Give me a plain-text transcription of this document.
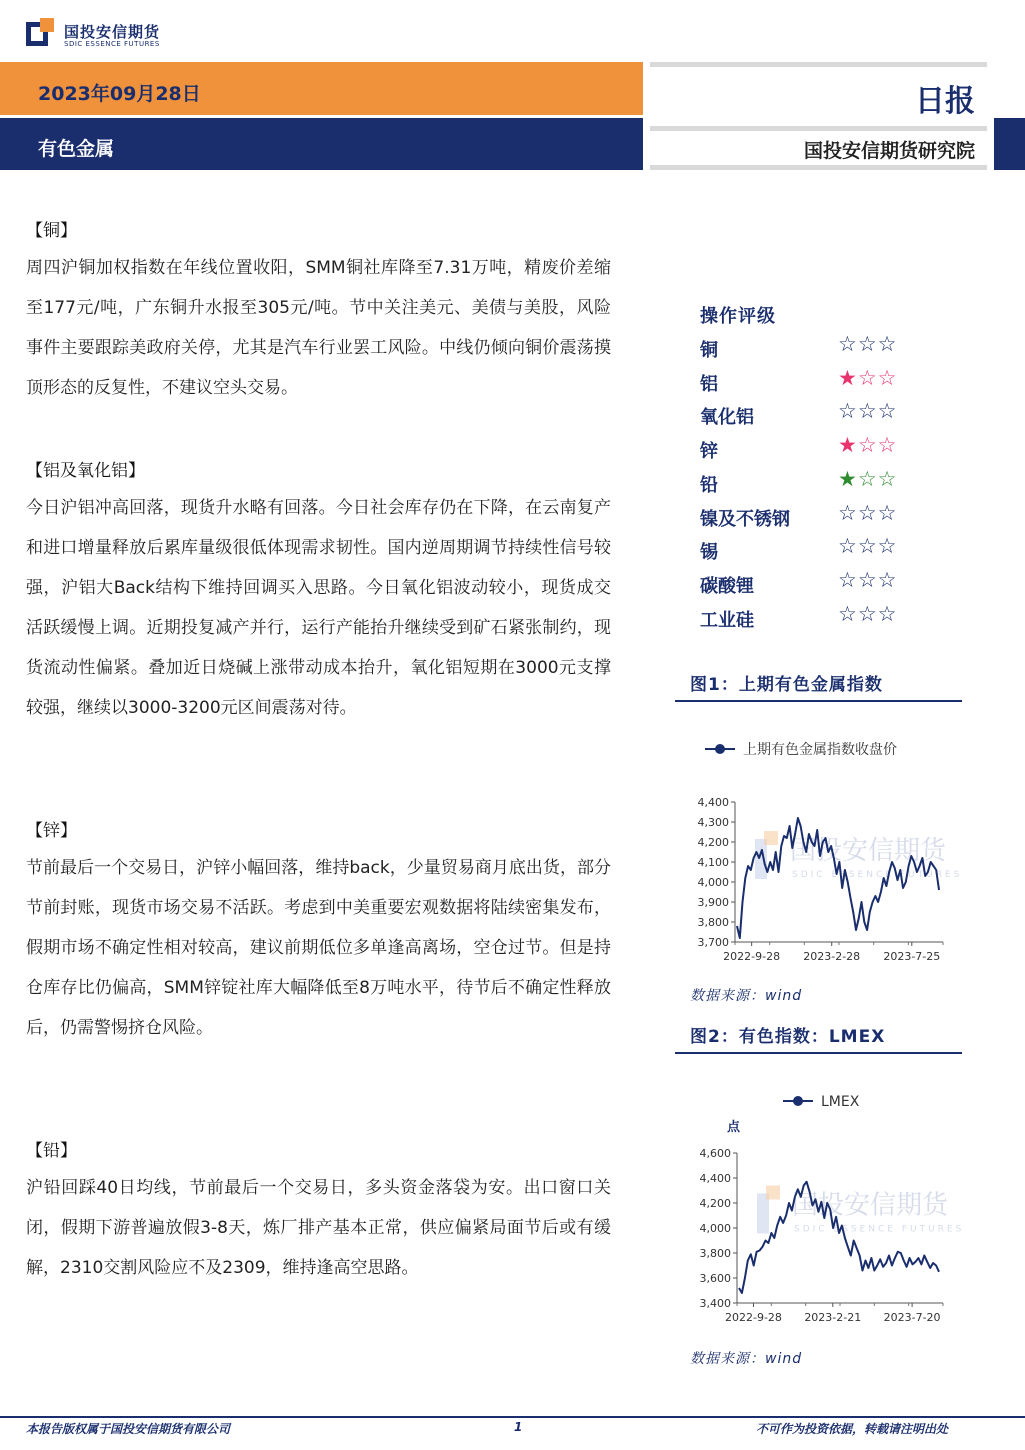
国投安信期货
SDIC ESSENCE FUTURES
2023年09月28日
有色金属
日报
国投安信期货研究院
【铜】
周四沪铜加权指数在年线位置收阳，SMM铜社库降至7.31万吨，精废价差缩至177元/吨，广东铜升水报至305元/吨。节中关注美元、美债与美股，风险事件主要跟踪美政府关停，尤其是汽车行业罢工风险。中线仍倾向铜价震荡摸顶形态的反复性，不建议空头交易。
【铝及氧化铝】
今日沪铝冲高回落，现货升水略有回落。今日社会库存仍在下降，在云南复产和进口增量释放后累库量级很低体现需求韧性。国内逆周期调节持续性信号较强，沪铝大Back结构下维持回调买入思路。今日氧化铝波动较小，现货成交活跃缓慢上调。近期投复减产并行，运行产能抬升继续受到矿石紧张制约，现货流动性偏紧。叠加近日烧碱上涨带动成本抬升，氧化铝短期在3000元支撑较强，继续以3000-3200元区间震荡对待。
【锌】
节前最后一个交易日，沪锌小幅回落，维持back，少量贸易商月底出货，部分节前封账，现货市场交易不活跃。考虑到中美重要宏观数据将陆续密集发布，假期市场不确定性相对较高，建议前期低位多单逢高离场，空仓过节。但是持仓库存比仍偏高，SMM锌锭社库大幅降低至8万吨水平，待节后不确定性释放后，仍需警惕挤仓风险。
【铅】
沪铅回踩40日均线，节前最后一个交易日，多头资金落袋为安。出口窗口关闭，假期下游普遍放假3-8天，炼厂排产基本正常，供应偏紧局面节后或有缓解，2310交割风险应不及2309，维持逢高空思路。
操作评级
铜	☆☆☆
铝	★☆☆
氧化铝	☆☆☆
锌	★☆☆
铅	★☆☆
镍及不锈钢 ☆☆☆
锡	☆☆☆
碳酸锂	☆☆☆
工业硅	☆☆☆
图1：上期有色金属指数
上期有色金属指数收盘价
国投安信期货
SDIC ESSENCE FUTURES
3,700
3,800
3,900
4,000
4,100
4,200
4,300
4,400
2022-9-28 2023-2-28 2023-7-25
数据来源：wind
图2：有色指数：LMEX
LMEX
点
国投安信期货
SDIC ESSENCE FUTURES
3,400
3,600
3,800
4,000
4,200
4,400
4,600
2022-9-28 2023-2-21 2023-7-20
数据来源：wind
本报告版权属于国投安信期货有限公司	1	不可作为投资依据，转载请注明出处
